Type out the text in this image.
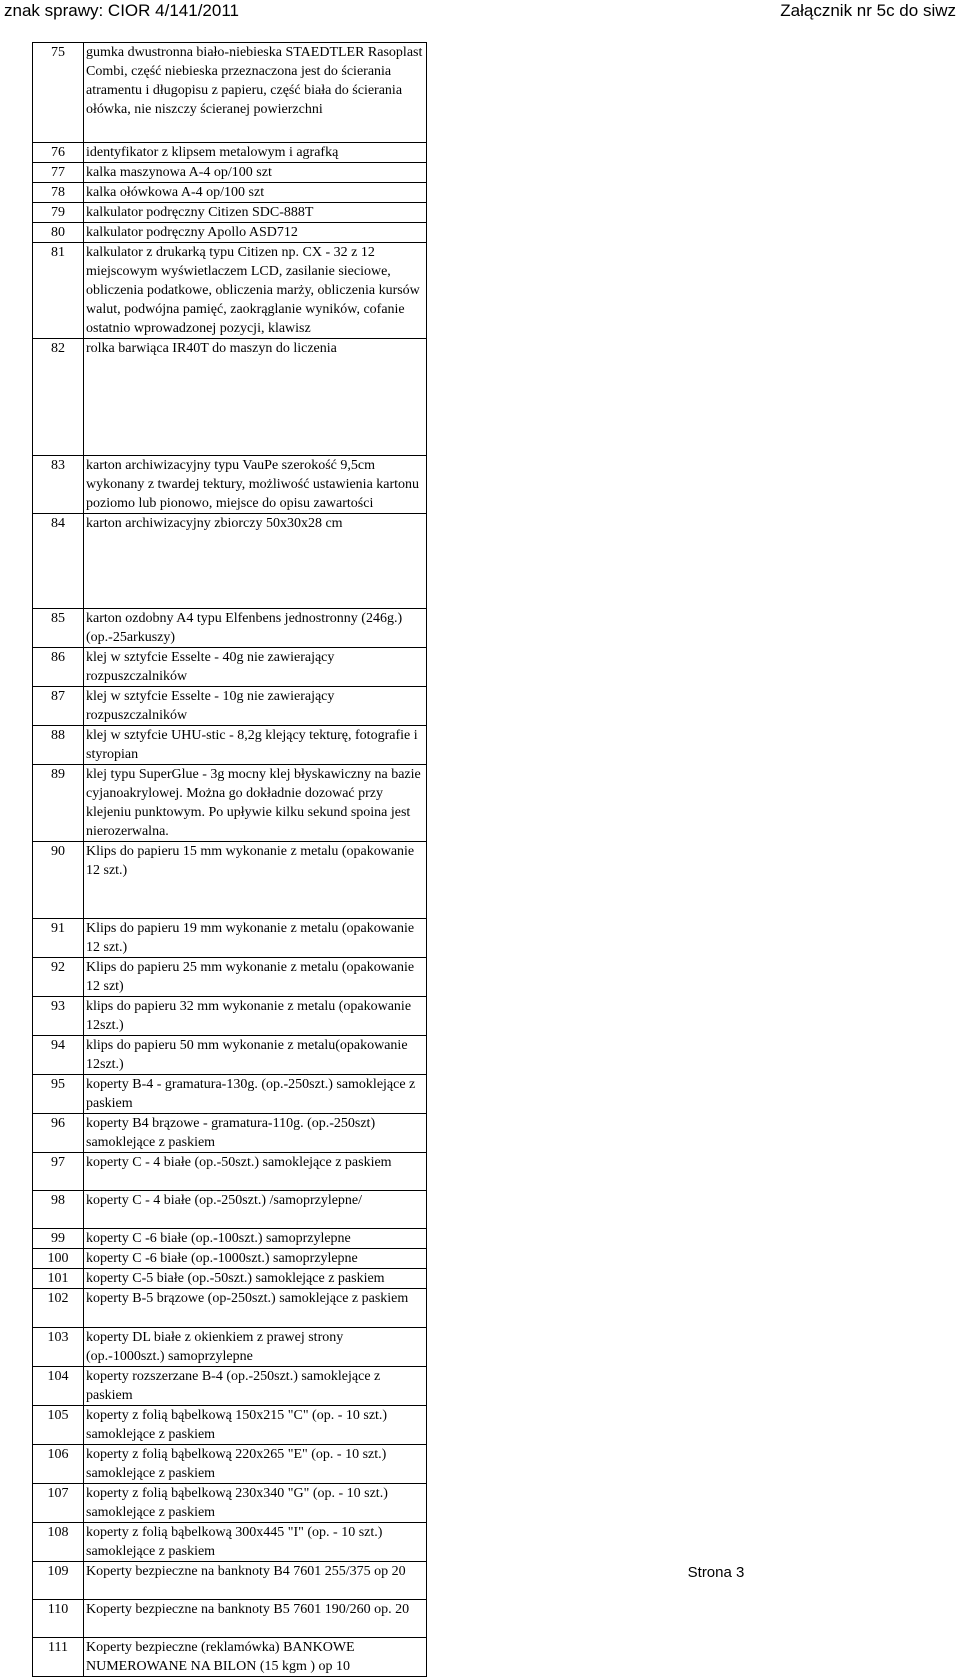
znak sprawy: CIOR 4/141/2011	Załącznik nr 5c do siwz
75	gumka dwustronna biało-niebieska STAEDTLER Rasoplast Combi, część niebieska przeznaczona jest do ścierania atramentu i długopisu z papieru, część biała do ścierania ołówka, nie niszczy ścieranej powierzchni
76	identyfikator z klipsem metalowym i agrafką
77	kalka maszynowa A-4 op/100 szt
78	kalka ołówkowa A-4 op/100 szt
79	kalkulator podręczny Citizen SDC-888T
80	kalkulator podręczny Apollo ASD712
81	kalkulator z drukarką typu Citizen np. CX - 32 z 12 miejscowym wyświetlaczem LCD, zasilanie sieciowe, obliczenia podatkowe, obliczenia marży, obliczenia kursów walut, podwójna pamięć, zaokrąglanie wyników, cofanie ostatnio wprowadzonej pozycji, klawisz
82	rolka barwiąca IR40T do maszyn do liczenia
83	karton archiwizacyjny typu VauPe szerokość 9,5cm wykonany z twardej tektury, możliwość ustawienia kartonu poziomo lub pionowo, miejsce do opisu zawartości
84	karton archiwizacyjny zbiorczy 50x30x28 cm
85	karton ozdobny A4 typu Elfenbens jednostronny (246g.) (op.-25arkuszy)
86	klej w sztyfcie Esselte - 40g nie zawierający rozpuszczalników
87	klej w sztyfcie Esselte - 10g nie zawierający rozpuszczalników
88	klej w sztyfcie UHU-stic - 8,2g klejący tekturę, fotografie i styropian
89	klej typu SuperGlue - 3g mocny klej błyskawiczny na bazie cyjanoakrylowej. Można go dokładnie dozować przy klejeniu punktowym. Po upływie kilku sekund spoina jest nierozerwalna.
90	Klips do papieru 15 mm wykonanie z metalu (opakowanie 12 szt.)
91	Klips do papieru 19 mm wykonanie z metalu (opakowanie 12 szt.)
92	Klips do papieru 25 mm wykonanie z metalu (opakowanie 12 szt)
93	klips do papieru 32 mm wykonanie z metalu (opakowanie 12szt.)
94	klips do papieru 50 mm wykonanie z metalu(opakowanie 12szt.)
95	koperty B-4 - gramatura-130g. (op.-250szt.) samoklejące z paskiem
96	koperty B4 brązowe - gramatura-110g. (op.-250szt) samoklejące z paskiem
97	koperty C - 4 białe (op.-50szt.) samoklejące z paskiem
98	koperty C - 4 białe (op.-250szt.) /samoprzylepne/
99	koperty C -6 białe (op.-100szt.) samoprzylepne
100	koperty C -6 białe (op.-1000szt.) samoprzylepne
101	koperty C-5 białe (op.-50szt.) samoklejące z paskiem
102	koperty B-5 brązowe (op-250szt.) samoklejące z paskiem
103	koperty DL białe z okienkiem z prawej strony (op.-1000szt.) samoprzylepne
104	koperty rozszerzane B-4 (op.-250szt.) samoklejące z paskiem
105	koperty z folią bąbelkową 150x215 "C" (op. - 10 szt.) samoklejące z paskiem
106	koperty z folią bąbelkową 220x265 "E" (op. - 10 szt.) samoklejące z paskiem
107	koperty z folią bąbelkową 230x340 "G" (op. - 10 szt.) samoklejące z paskiem
108	koperty z folią bąbelkową 300x445 "I" (op. - 10 szt.) samoklejące z paskiem
109	Koperty bezpieczne na banknoty B4 7601 255/375 op 20
110	Koperty bezpieczne na banknoty B5 7601 190/260 op. 20
111	Koperty bezpieczne (reklamówka) BANKOWE NUMEROWANE NA BILON (15 kgm ) op 10
Strona 3
